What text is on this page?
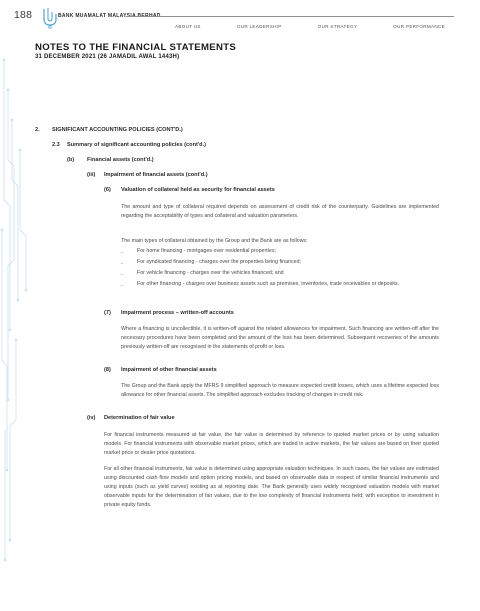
188	BANK MUAMALAT MALAYSIA BERHAD
ABOUT US	OUR LEADERSHIP	OUR STRATEGY	OUR PERFORMANCE
NOTES TO THE FINANCIAL STATEMENTS
31 DECEMBER 2021 (26 JAMADIL AWAL 1443H)
2. SIGNIFICANT ACCOUNTING POLICIES (CONT'D.)
2.3 Summary of significant accounting policies (cont'd.)
(b) Financial assets (cont'd.)
(iii) Impairment of financial assets (cont'd.)
(6) Valuation of collateral held as security for financial assets

The amount and type of collateral required depends on assessment of credit risk of the counterparty. Guidelines are implemented regarding the acceptability of types and collateral and valuation parameters.

The main types of collateral obtained by the Group and the Bank are as follows:

-	For home financing - mortgages over residential properties;
-	For syndicated financing - charges over the properties being financed;
-	For vehicle financing - charges over the vehicles financed; and
-	For other financing - charges over business assets such as premises, inventories, trade receivables or deposits.
(7) Impairment process – written-off accounts

Where a financing is uncollectible, it is written-off against the related allowances for impairment. Such financing are written-off after the necessary procedures have been completed and the amount of the loss has been determined. Subsequent recoveries of the amounts previously written-off are recognised in the statements of profit or loss.

(8) Impairment of other financial assets

The Group and the Bank apply the MFRS 9 simplified approach to measure expected credit losses, which uses a lifetime expected loss allowance for other financial assets. The simplified approach excludes tracking of changes in credit risk.

(iv) Determination of fair value

For financial instruments measured at fair value, the fair value is determined by reference to quoted market prices or by using valuation models. For financial instruments with observable market prices, which are traded in active markets, the fair values are based on their quoted market price or dealer price quotations.

For all other financial instruments, fair value is determined using appropriate valuation techniques. In such cases, the fair values are estimated using discounted cash flow models and option pricing models, and based on observable data in respect of similar financial instruments and using inputs (such as yield curves) existing as at reporting date. The Bank generally uses widely recognised valuation models with market observable inputs for the determination of fair values, due to the low complexity of financial instruments held; with exception to investment in private equity funds.
